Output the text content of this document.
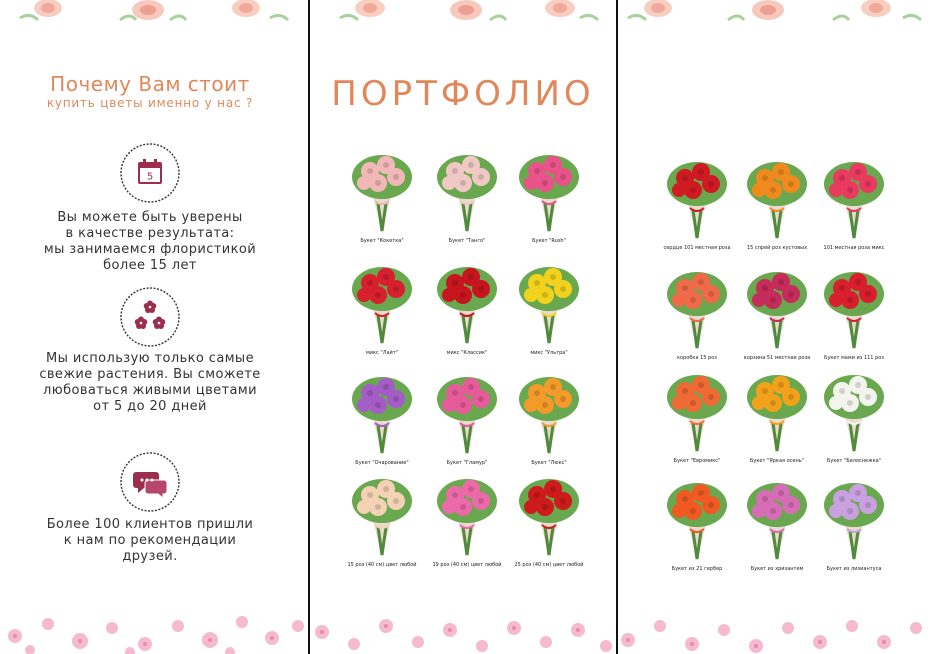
Почему Вам стоит
купить цветы именно у нас ?
5
Вы можете быть уверены
в качестве результата:
мы занимаемся флористикой
более 15 лет
Мы использую только самые
свежие растения. Вы сможете
любоваться живыми цветами
от 5 до 20 дней
Более 100 клиентов пришли
к нам по рекомендации
друзей.
ПОРТФОЛИО
Букет "Кокетка"	Букет "Танго"	Букет "Rush"
микс "Лайт"	микс "Классик"	микс "Ультра"
Букет "Очарование"	Букет "Гламур"	Букет "Люкс"
15 роз (40 см) цвет любой	19 роз (40 см) цвет любой	25 роз (40 см) цвет любой
сердце 101 местная роза	15 спрей роз кустовых	101 местная роза микс
коробка 15 роз	корзина 51 местная роза	Букет мами из 111 роз
Букет "Евромикс"	Букет "Яркая осень"	Букет "Белоснежка"
Букет из 21 гербер	Букет из хризантем	Букет из лизиантуса
